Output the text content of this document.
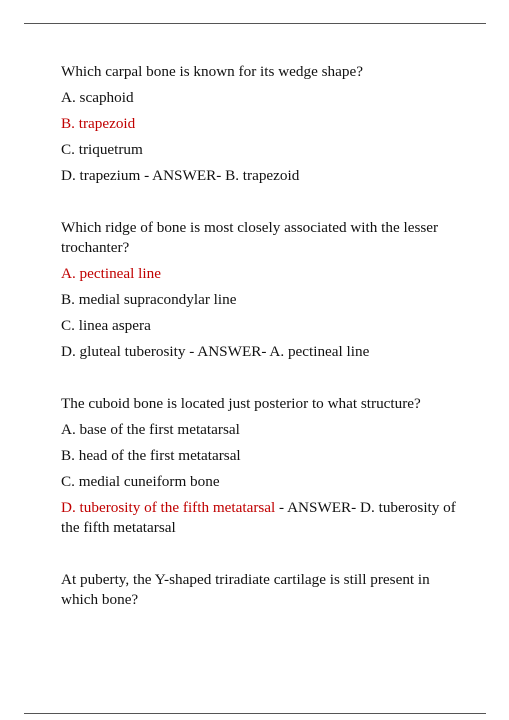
Which carpal bone is known for its wedge shape?

A. scaphoid

B. trapezoid

C. triquetrum

D. trapezium - ANSWER- B. trapezoid

Which ridge of bone is most closely associated with the lesser trochanter?

A. pectineal line

B. medial supracondylar line

C. linea aspera

D. gluteal tuberosity - ANSWER- A. pectineal line

The cuboid bone is located just posterior to what structure?

A. base of the first metatarsal

B. head of the first metatarsal

C. medial cuneiform bone

D. tuberosity of the fifth metatarsal - ANSWER- D. tuberosity of the fifth metatarsal

At puberty, the Y-shaped triradiate cartilage is still present in which bone?
